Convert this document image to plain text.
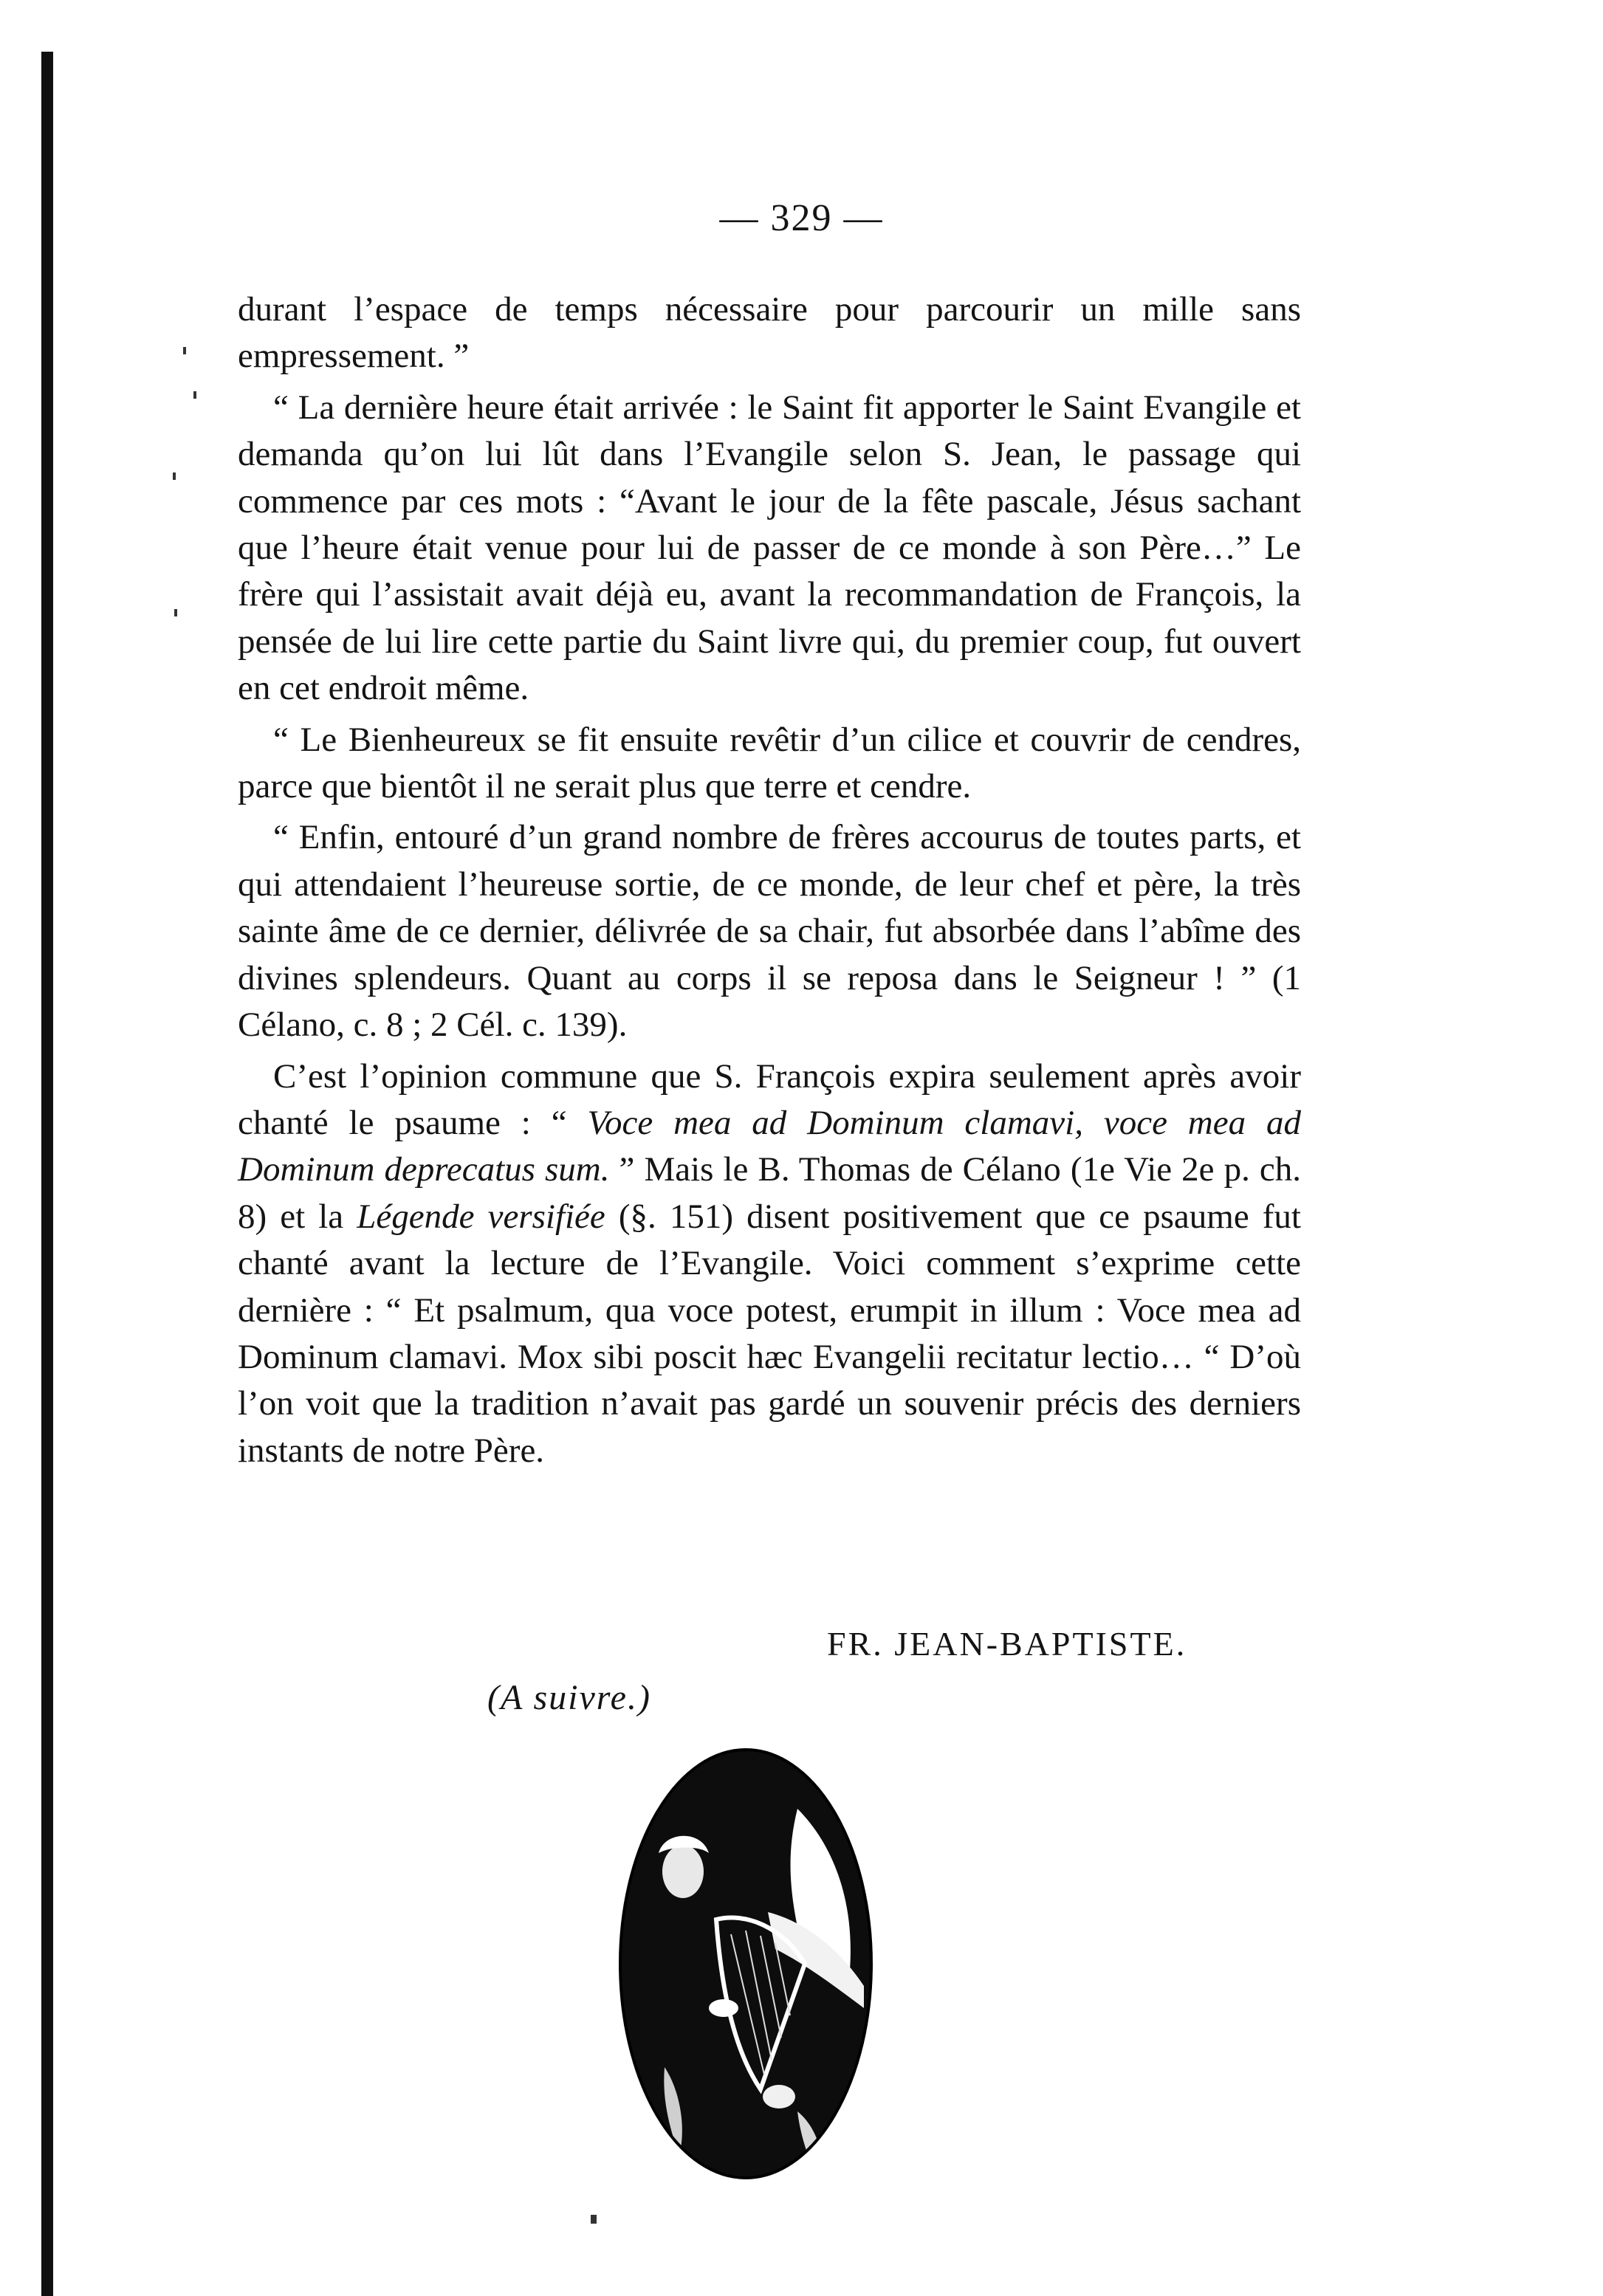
— 329 —

durant l’espace de temps nécessaire pour parcourir un mille sans empressement. ”

“ La dernière heure était arrivée : le Saint fit apporter le Saint Evangile et demanda qu’on lui lût dans l’Evangile selon S. Jean, le passage qui commence par ces mots : “Avant le jour de la fête pascale, Jésus sachant que l’heure était venue pour lui de passer de ce monde à son Père…” Le frère qui l’assistait avait déjà eu, avant la recommandation de François, la pensée de lui lire cette partie du Saint livre qui, du premier coup, fut ouvert en cet endroit même.

“ Le Bienheureux se fit ensuite revêtir d’un cilice et couvrir de cendres, parce que bientôt il ne serait plus que terre et cendre.

“ Enfin, entouré d’un grand nombre de frères accourus de toutes parts, et qui attendaient l’heureuse sortie, de ce monde, de leur chef et père, la très sainte âme de ce dernier, délivrée de sa chair, fut absorbée dans l’abîme des divines splendeurs. Quant au corps il se reposa dans le Seigneur ! ” (1 Célano, c. 8 ; 2 Cél. c. 139).

C’est l’opinion commune que S. François expira seulement après avoir chanté le psaume : “ Voce mea ad Dominum clamavi, voce mea ad Dominum deprecatus sum. ” Mais le B. Thomas de Célano (1e Vie 2e p. ch. 8) et la Légende versifiée (§. 151) disent positivement que ce psaume fut chanté avant la lecture de l’Evangile. Voici comment s’exprime cette dernière : “ Et psalmum, qua voce potest, erumpit in illum : Voce mea ad Dominum clamavi. Mox sibi poscit hæc Evangelii recitatur lectio… “ D’où l’on voit que la tradition n’avait pas gardé un souvenir précis des derniers instants de notre Père.

FR. JEAN-BAPTISTE.
(A suivre.)
